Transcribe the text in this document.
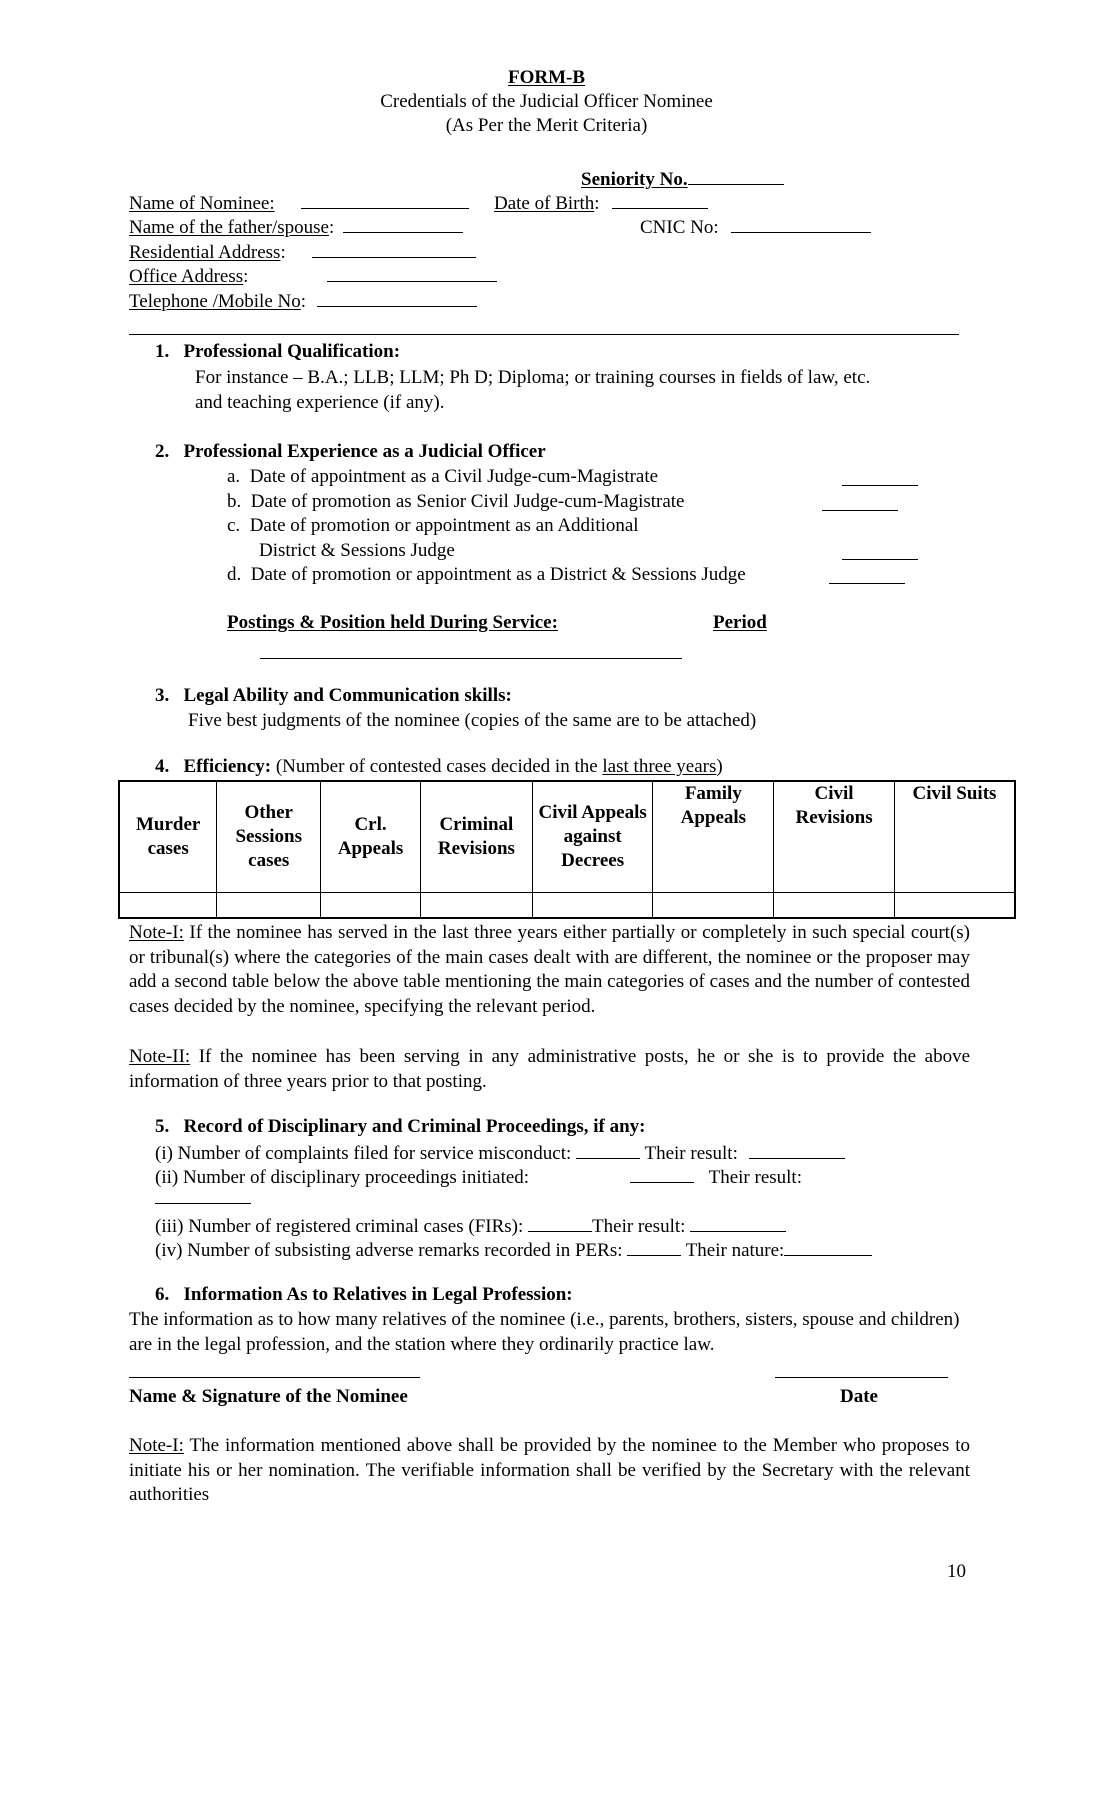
FORM-B
Credentials of the Judicial Officer Nominee
(As Per the Merit Criteria)
Seniority No.
Name of Nominee:	Date of Birth:
Name of the father/spouse:	CNIC No:
Residential Address:
Office Address:
Telephone /Mobile No:
1. Professional Qualification:
For instance – B.A.; LLB; LLM; Ph D; Diploma; or training courses in fields of law, etc.
and teaching experience (if any).
2. Professional Experience as a Judicial Officer
a. Date of appointment as a Civil Judge-cum-Magistrate
b. Date of promotion as Senior Civil Judge-cum-Magistrate
c. Date of promotion or appointment as an Additional
District & Sessions Judge
d. Date of promotion or appointment as a District & Sessions Judge
Postings & Position held During Service:	Period
3. Legal Ability and Communication skills:
Five best judgments of the nominee (copies of the same are to be attached)
4. Efficiency: (Number of contested cases decided in the last three years)
Murder cases	Other Sessions cases	Crl. Appeals	Criminal Revisions	Civil Appeals against Decrees	Family Appeals	Civil Revisions	Civil Suits

Note-I: If the nominee has served in the last three years either partially or completely in such special court(s) or tribunal(s) where the categories of the main cases dealt with are different, the nominee or the proposer may add a second table below the above table mentioning the main categories of cases and the number of contested cases decided by the nominee, specifying the relevant period.
Note-II: If the nominee has been serving in any administrative posts, he or she is to provide the above information of three years prior to that posting.
5. Record of Disciplinary and Criminal Proceedings, if any:
(i) Number of complaints filed for service misconduct:	Their result:
(ii) Number of disciplinary proceedings initiated:	Their result:
(iii) Number of registered criminal cases (FIRs):	Their result:
(iv) Number of subsisting adverse remarks recorded in PERs:	Their nature:
6. Information As to Relatives in Legal Profession:
The information as to how many relatives of the nominee (i.e., parents, brothers, sisters, spouse and children) are in the legal profession, and the station where they ordinarily practice law.
Name & Signature of the Nominee	Date
Note-I: The information mentioned above shall be provided by the nominee to the Member who proposes to initiate his or her nomination. The verifiable information shall be verified by the Secretary with the relevant authorities
10
